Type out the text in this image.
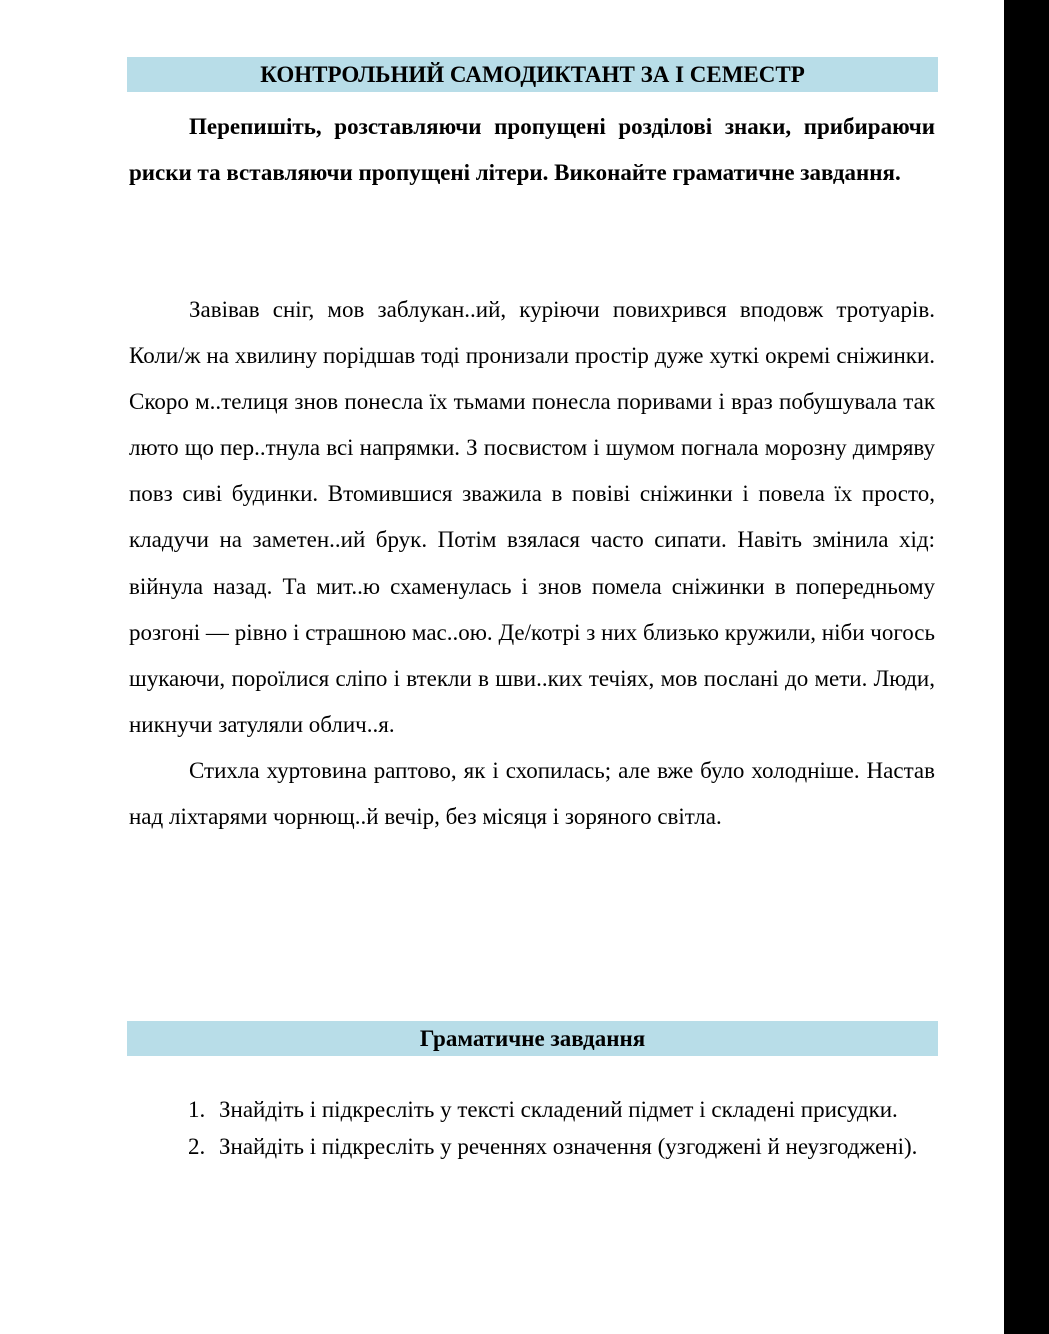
КОНТРОЛЬНИЙ САМОДИКТАНТ ЗА І СЕМЕСТР

Перепишіть, розставляючи пропущені розділові знаки, прибираючи риски та вставляючи пропущені літери. Виконайте граматичне завдання.

Завівав сніг, мов заблукан..ий, куріючи повихрився вподовж тротуарів. Коли/ж на хвилину порідшав тоді пронизали простір дуже хуткі окремі сніжинки. Скоро м..телиця знов понесла їх тьмами понесла поривами і враз побушувала так люто що пер..тнула всі напрямки. З посвистом і шумом погнала морозну димряву повз сиві будинки. Втомившися зважила в повіві сніжинки і повела їх просто, кладучи на заметен..ий брук. Потім взялася часто сипати. Навіть змінила хід: війнула назад. Та мит..ю схаменулась і знов помела сніжинки в попередньому розгоні — рівно і страшною мас..ою. Де/котрі з них близько кружили, ніби чогось шукаючи, пороїлися сліпо і втекли в шви..ких течіях, мов послані до мети. Люди, никнучи затуляли облич..я.

Стихла хуртовина раптово, як і схопилась; але вже було холодніше. Настав над ліхтарями чорнющ..й вечір, без місяця і зоряного світла.

Граматичне завдання
1. Знайдіть і підкресліть у тексті складений підмет і складені присудки.
2. Знайдіть і підкресліть у реченнях означення (узгоджені й неузгоджені).
